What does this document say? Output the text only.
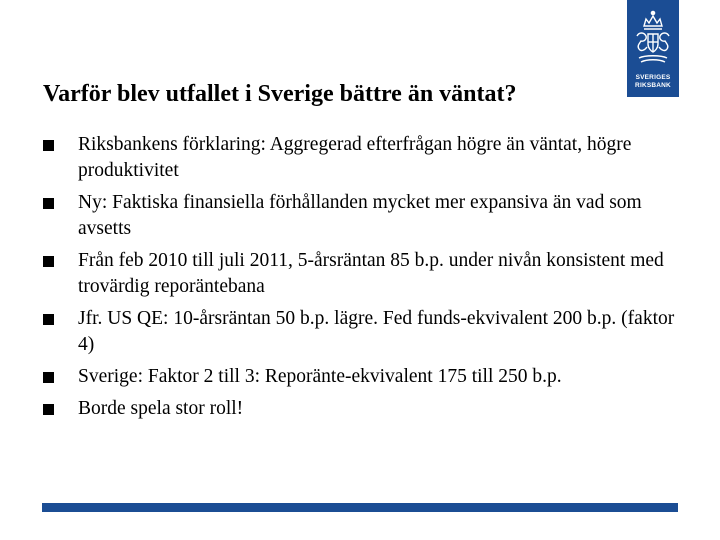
Varför blev utfallet i Sverige bättre än väntat?
SVERIGES
RIKSBANK
Riksbankens förklaring: Aggregerad efterfrågan högre än väntat, högre produktivitet
Ny: Faktiska finansiella förhållanden mycket mer expansiva än vad som avsetts
Från feb 2010 till juli 2011, 5-årsräntan 85 b.p. under nivån konsistent med trovärdig reporäntebana
Jfr. US QE: 10-årsräntan 50 b.p. lägre. Fed funds-ekvivalent 200 b.p. (faktor 4)
Sverige: Faktor 2 till 3: Reporänte-ekvivalent 175 till 250 b.p.
Borde spela stor roll!
